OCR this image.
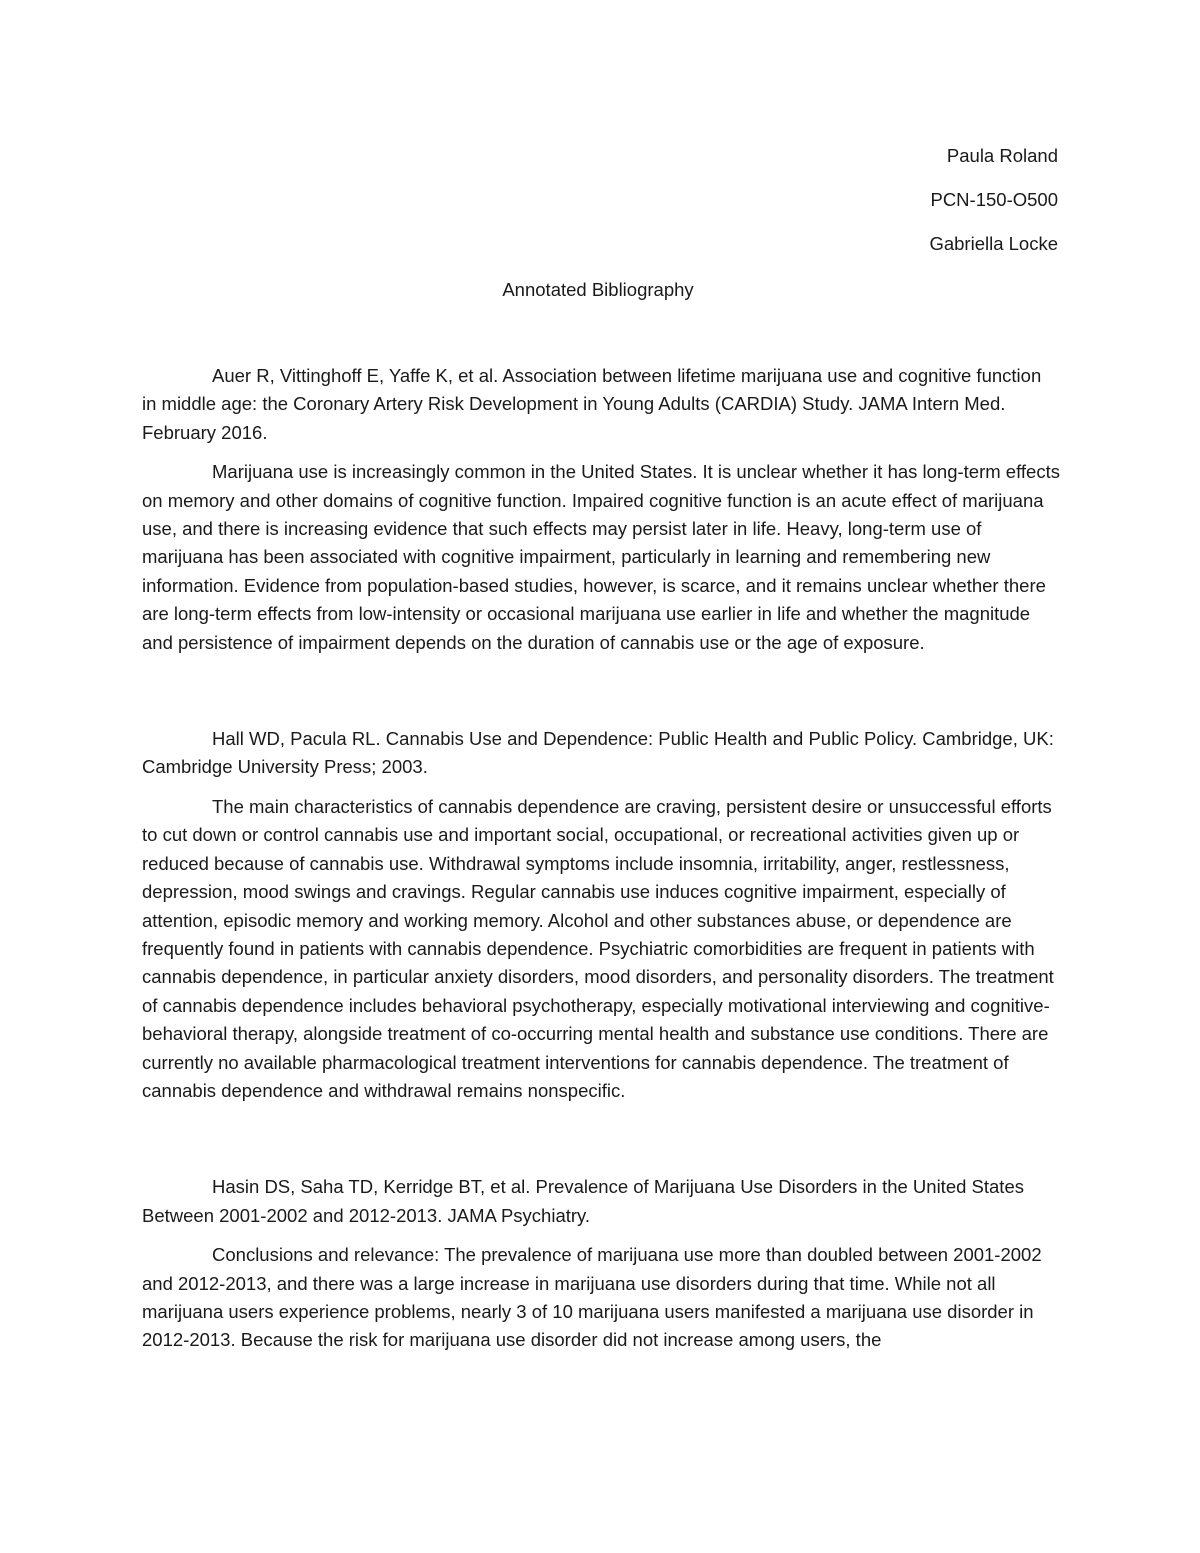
Paula Roland

PCN-150-O500

Gabriella Locke

Annotated Bibliography

Auer R, Vittinghoff E, Yaffe K, et al. Association between lifetime marijuana use and cognitive function in middle age: the Coronary Artery Risk Development in Young Adults (CARDIA) Study. JAMA Intern Med. February 2016.

Marijuana use is increasingly common in the United States. It is unclear whether it has long-term effects on memory and other domains of cognitive function. Impaired cognitive function is an acute effect of marijuana use, and there is increasing evidence that such effects may persist later in life. Heavy, long-term use of marijuana has been associated with cognitive impairment, particularly in learning and remembering new information. Evidence from population-based studies, however, is scarce, and it remains unclear whether there are long-term effects from low-intensity or occasional marijuana use earlier in life and whether the magnitude and persistence of impairment depends on the duration of cannabis use or the age of exposure.

Hall WD, Pacula RL. Cannabis Use and Dependence: Public Health and Public Policy. Cambridge, UK: Cambridge University Press; 2003.

The main characteristics of cannabis dependence are craving, persistent desire or unsuccessful efforts to cut down or control cannabis use and important social, occupational, or recreational activities given up or reduced because of cannabis use. Withdrawal symptoms include insomnia, irritability, anger, restlessness, depression, mood swings and cravings. Regular cannabis use induces cognitive impairment, especially of attention, episodic memory and working memory. Alcohol and other substances abuse, or dependence are frequently found in patients with cannabis dependence. Psychiatric comorbidities are frequent in patients with cannabis dependence, in particular anxiety disorders, mood disorders, and personality disorders. The treatment of cannabis dependence includes behavioral psychotherapy, especially motivational interviewing and cognitive-behavioral therapy, alongside treatment of co-occurring mental health and substance use conditions. There are currently no available pharmacological treatment interventions for cannabis dependence. The treatment of cannabis dependence and withdrawal remains nonspecific.

Hasin DS, Saha TD, Kerridge BT, et al. Prevalence of Marijuana Use Disorders in the United States Between 2001-2002 and 2012-2013. JAMA Psychiatry.

Conclusions and relevance: The prevalence of marijuana use more than doubled between 2001-2002 and 2012-2013, and there was a large increase in marijuana use disorders during that time. While not all marijuana users experience problems, nearly 3 of 10 marijuana users manifested a marijuana use disorder in 2012-2013. Because the risk for marijuana use disorder did not increase among users, the
